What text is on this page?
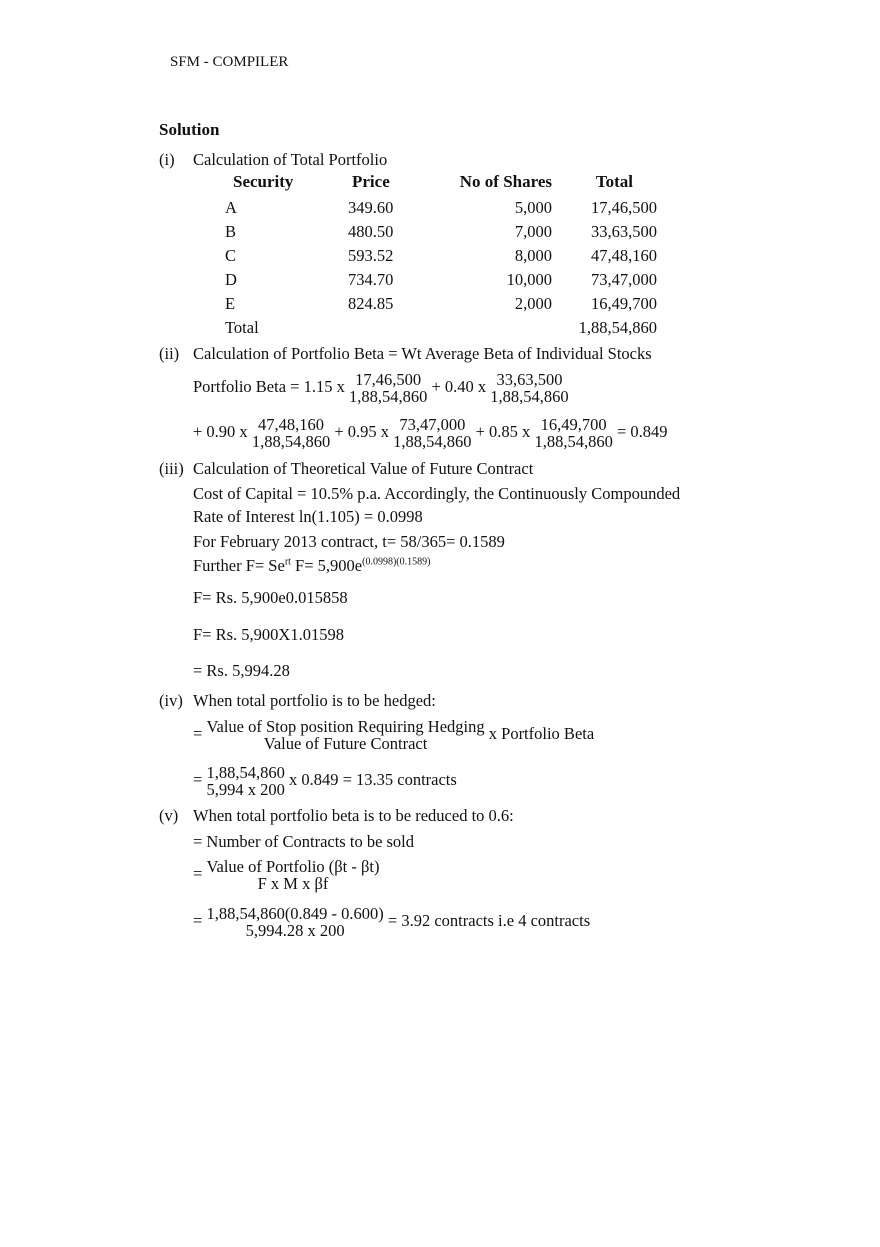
SFM - COMPILER
Solution
(i) Calculation of Total Portfolio
Security	Price	No of Shares	Total
A	349.60	5,000 17,46,500
B	480.50	7,000 33,63,500
C	593.52	8,000 47,48,160
D	734.70	10,000 73,47,000
E	824.85	2,000 16,49,700
Total	1,88,54,860
(ii) Calculation of Portfolio Beta = Wt Average Beta of Individual Stocks
Portfolio Beta = 1.15 x 17,46,500
1,88,54,860
+ 0.40 x 33,63,500
1,88,54,860
+ 0.90 x 47,48,160
1,88,54,860
+ 0.95 x 73,47,000
1,88,54,860
+ 0.85 x 16,49,700
1,88,54,860
= 0.849
(iii) Calculation of Theoretical Value of Future Contract
Cost of Capital = 10.5% p.a. Accordingly, the Continuously Compounded
Rate of Interest ln(1.105) = 0.0998
For February 2013 contract, t= 58/365= 0.1589
Further $F= Se^{rt}$ $F= 5,900e^{(0.0998)(0.1589)}$
F= Rs. 5,900e0.015858
F= Rs. 5,900X1.01598
= Rs. 5,994.28
(iv) When total portfolio is to be hedged:
= Value of Stop position Requiring Hedging
Value of Future Contract
x Portfolio Beta
= 1,88,54,860
5,994 x 200
x 0.849 = 13.35 contracts
(v) When total portfolio beta is to be reduced to 0.6:
= Number of Contracts to be sold
= Value of Portfolio (βt - βt)
F x M x βf
= 1,88,54,860(0.849 - 0.600)
5,994.28 x 200
= 3.92 contracts i.e 4 contracts
